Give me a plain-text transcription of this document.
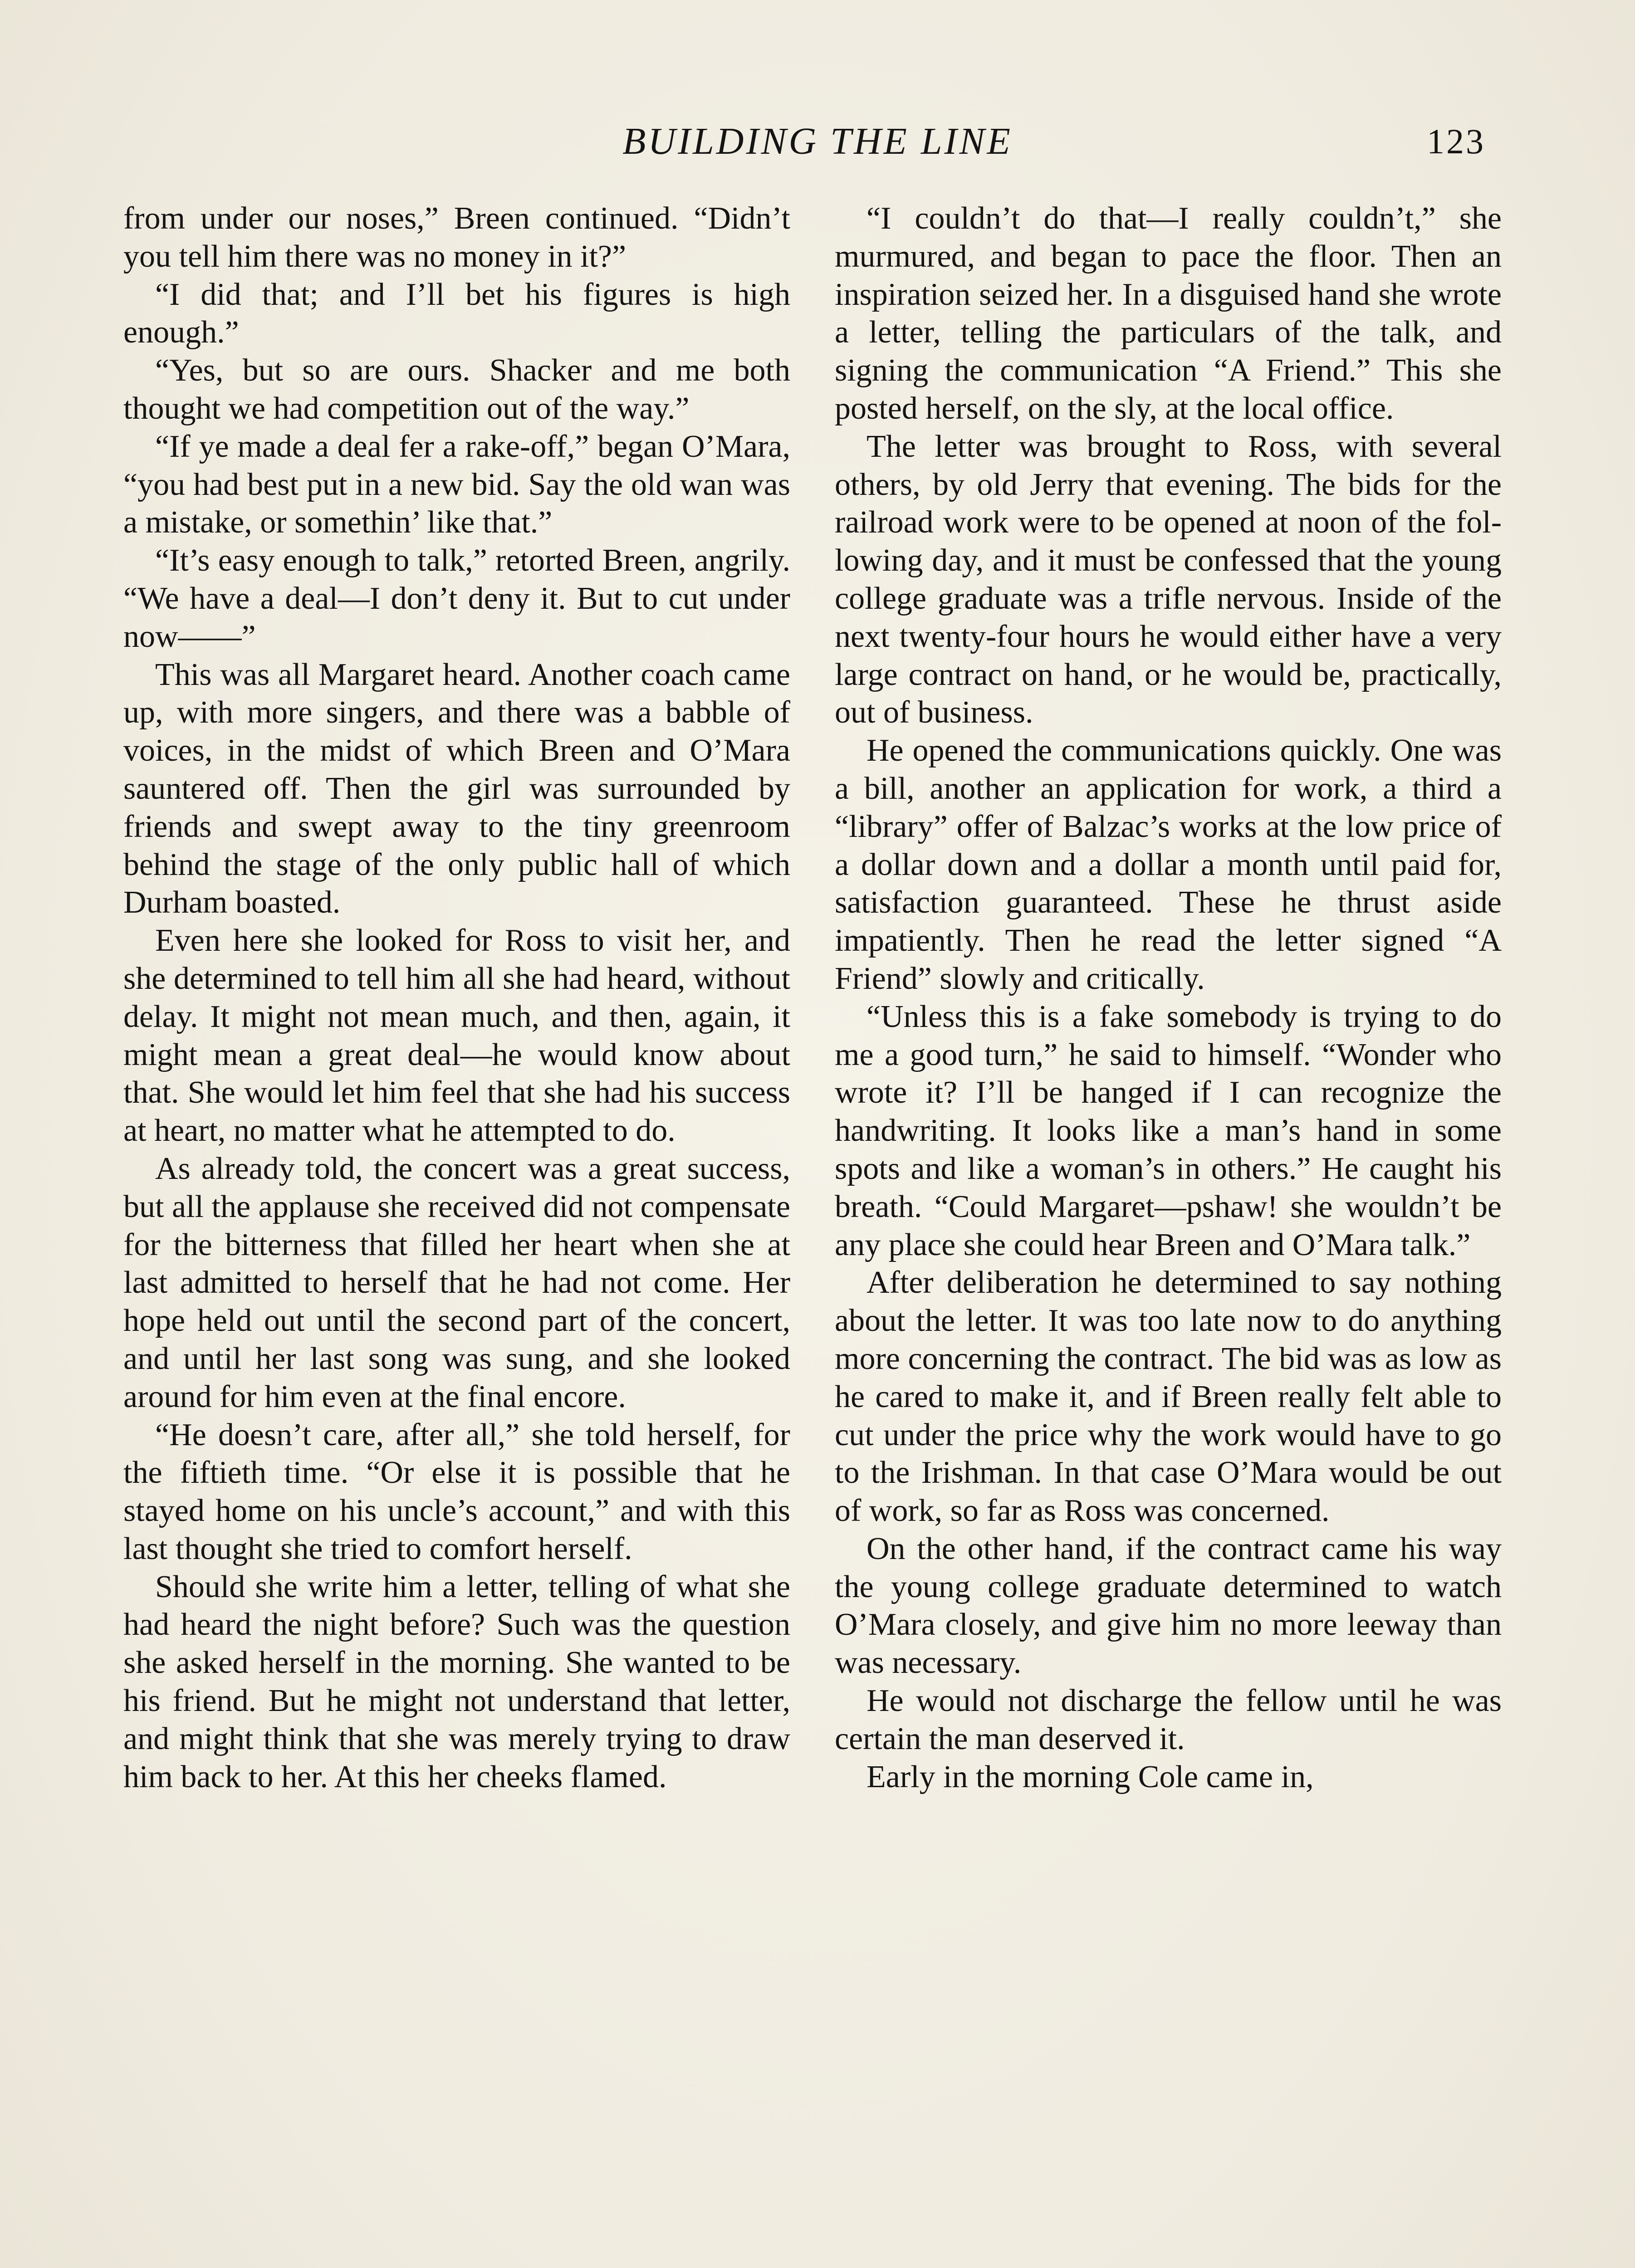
BUILDING THE LINE	123

from under our noses,” Breen continued. “Didn’t you tell him there was no money in it?”

“I did that; and I’ll bet his figures is high enough.”

“Yes, but so are ours. Shacker and me both thought we had competition out of the way.”

“If ye made a deal fer a rake-off,” began O’Mara, “you had best put in a new bid. Say the old wan was a mistake, or somethin’ like that.”

“It’s easy enough to talk,” retorted Breen, angrily. “We have a deal—I don’t deny it. But to cut under now——”

This was all Margaret heard. Another coach came up, with more singers, and there was a babble of voices, in the midst of which Breen and O’Mara sauntered off. Then the girl was surrounded by friends and swept away to the tiny greenroom behind the stage of the only public hall of which Durham boasted.

Even here she looked for Ross to visit her, and she determined to tell him all she had heard, without delay. It might not mean much, and then, again, it might mean a great deal—he would know about that. She would let him feel that she had his success at heart, no matter what he attempted to do.

As already told, the concert was a great success, but all the applause she received did not compensate for the bitterness that filled her heart when she at last admitted to herself that he had not come. Her hope held out until the second part of the concert, and until her last song was sung, and she looked around for him even at the final encore.

“He doesn’t care, after all,” she told herself, for the fiftieth time. “Or else it is possible that he stayed home on his uncle’s account,” and with this last thought she tried to comfort herself.

Should she write him a letter, telling of what she had heard the night before? Such was the question she asked herself in the morning. She wanted to be his friend. But he might not understand that letter, and might think that she was merely trying to draw him back to her. At this her cheeks flamed.

“I couldn’t do that—I really couldn’t,” she murmured, and began to pace the floor. Then an inspiration seized her. In a disguised hand she wrote a letter, telling the particulars of the talk, and signing the communication “A Friend.” This she posted herself, on the sly, at the local office.

The letter was brought to Ross, with several others, by old Jerry that evening. The bids for the railroad work were to be opened at noon of the following day, and it must be confessed that the young college graduate was a trifle nervous. Inside of the next twenty-four hours he would either have a very large contract on hand, or he would be, practically, out of business.

He opened the communications quickly. One was a bill, another an application for work, a third a “library” offer of Balzac’s works at the low price of a dollar down and a dollar a month until paid for, satisfaction guaranteed. These he thrust aside impatiently. Then he read the letter signed “A Friend” slowly and critically.

“Unless this is a fake somebody is trying to do me a good turn,” he said to himself. “Wonder who wrote it? I’ll be hanged if I can recognize the handwriting. It looks like a man’s hand in some spots and like a woman’s in others.” He caught his breath. “Could Margaret—pshaw! she wouldn’t be any place she could hear Breen and O’Mara talk.”

After deliberation he determined to say nothing about the letter. It was too late now to do anything more concerning the contract. The bid was as low as he cared to make it, and if Breen really felt able to cut under the price why the work would have to go to the Irishman. In that case O’Mara would be out of work, so far as Ross was concerned.

On the other hand, if the contract came his way the young college graduate determined to watch O’Mara closely, and give him no more leeway than was necessary.

He would not discharge the fellow until he was certain the man deserved it.

Early in the morning Cole came in,
